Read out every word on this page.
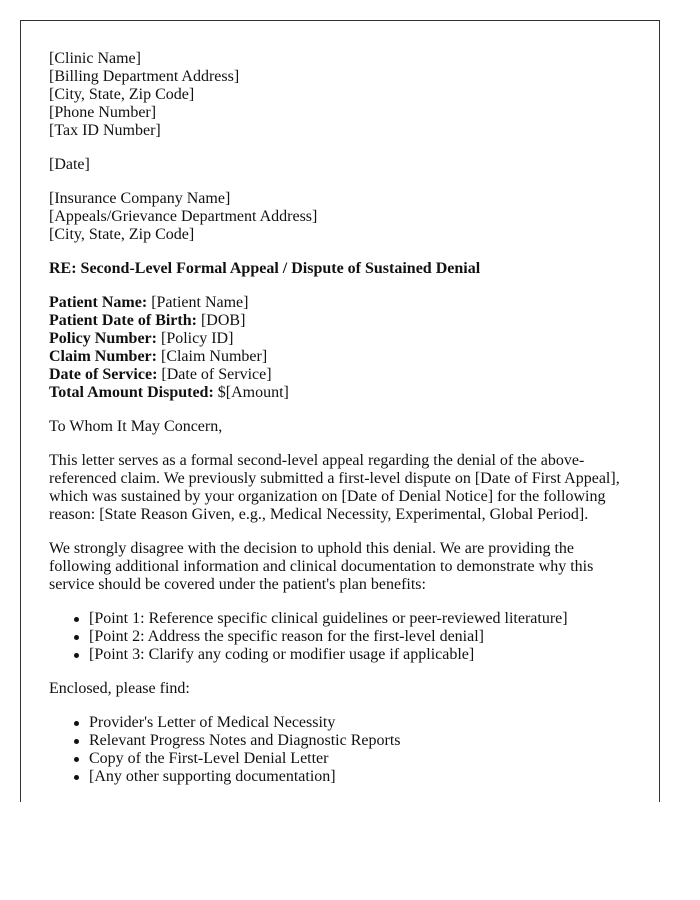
[Clinic Name]
[Billing Department Address]
[City, State, Zip Code]
[Phone Number]
[Tax ID Number]
[Date]
[Insurance Company Name]
[Appeals/Grievance Department Address]
[City, State, Zip Code]
RE: Second-Level Formal Appeal / Dispute of Sustained Denial
Patient Name: [Patient Name]
Patient Date of Birth: [DOB]
Policy Number: [Policy ID]
Claim Number: [Claim Number]
Date of Service: [Date of Service]
Total Amount Disputed: $[Amount]

To Whom It May Concern,

This letter serves as a formal second-level appeal regarding the denial of the above-referenced claim. We previously submitted a first-level dispute on [Date of First Appeal], which was sustained by your organization on [Date of Denial Notice] for the following reason: [State Reason Given, e.g., Medical Necessity, Experimental, Global Period].

We strongly disagree with the decision to uphold this denial. We are providing the following additional information and clinical documentation to demonstrate why this service should be covered under the patient's plan benefits:

[Point 1: Reference specific clinical guidelines or peer-reviewed literature]
[Point 2: Address the specific reason for the first-level denial]
[Point 3: Clarify any coding or modifier usage if applicable]

Enclosed, please find:

Provider's Letter of Medical Necessity
Relevant Progress Notes and Diagnostic Reports
Copy of the First-Level Denial Letter
[Any other supporting documentation]
